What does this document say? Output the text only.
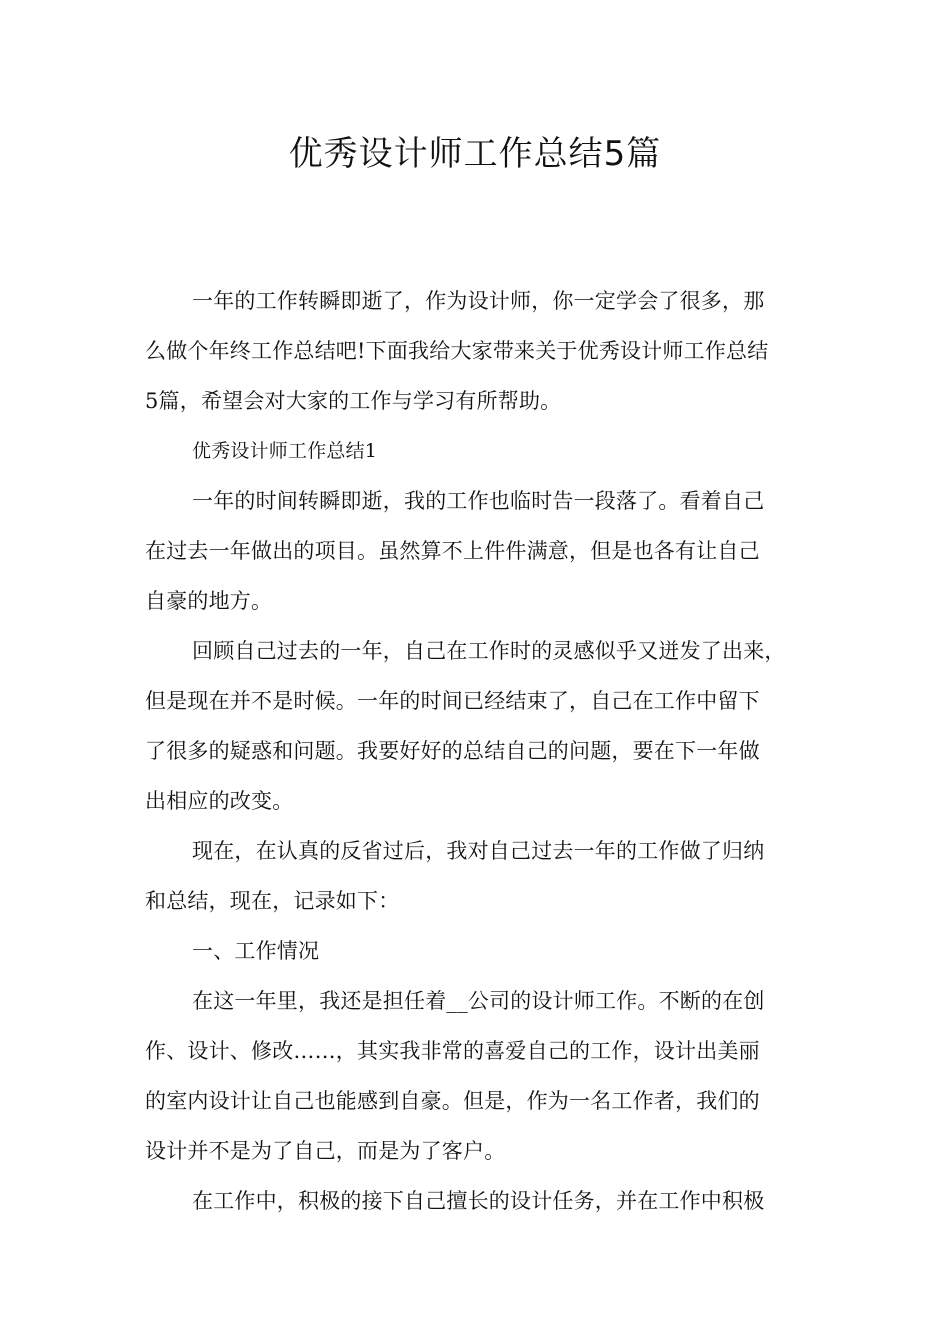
优秀设计师工作总结5篇
一年的工作转瞬即逝了，作为设计师，你一定学会了很多，那
么做个年终工作总结吧!下面我给大家带来关于优秀设计师工作总结
5篇，希望会对大家的工作与学习有所帮助。
优秀设计师工作总结1
一年的时间转瞬即逝，我的工作也临时告一段落了。看着自己
在过去一年做出的项目。虽然算不上件件满意，但是也各有让自己
自豪的地方。
回顾自己过去的一年，自己在工作时的灵感似乎又迸发了出来，
但是现在并不是时候。一年的时间已经结束了，自己在工作中留下
了很多的疑惑和问题。我要好好的总结自己的问题，要在下一年做
出相应的改变。
现在，在认真的反省过后，我对自己过去一年的工作做了归纳
和总结，现在，记录如下：
一、工作情况
在这一年里，我还是担任着__公司的设计师工作。不断的在创
作、设计、修改……，其实我非常的喜爱自己的工作，设计出美丽
的室内设计让自己也能感到自豪。但是，作为一名工作者，我们的
设计并不是为了自己，而是为了客户。
在工作中，积极的接下自己擅长的设计任务，并在工作中积极
